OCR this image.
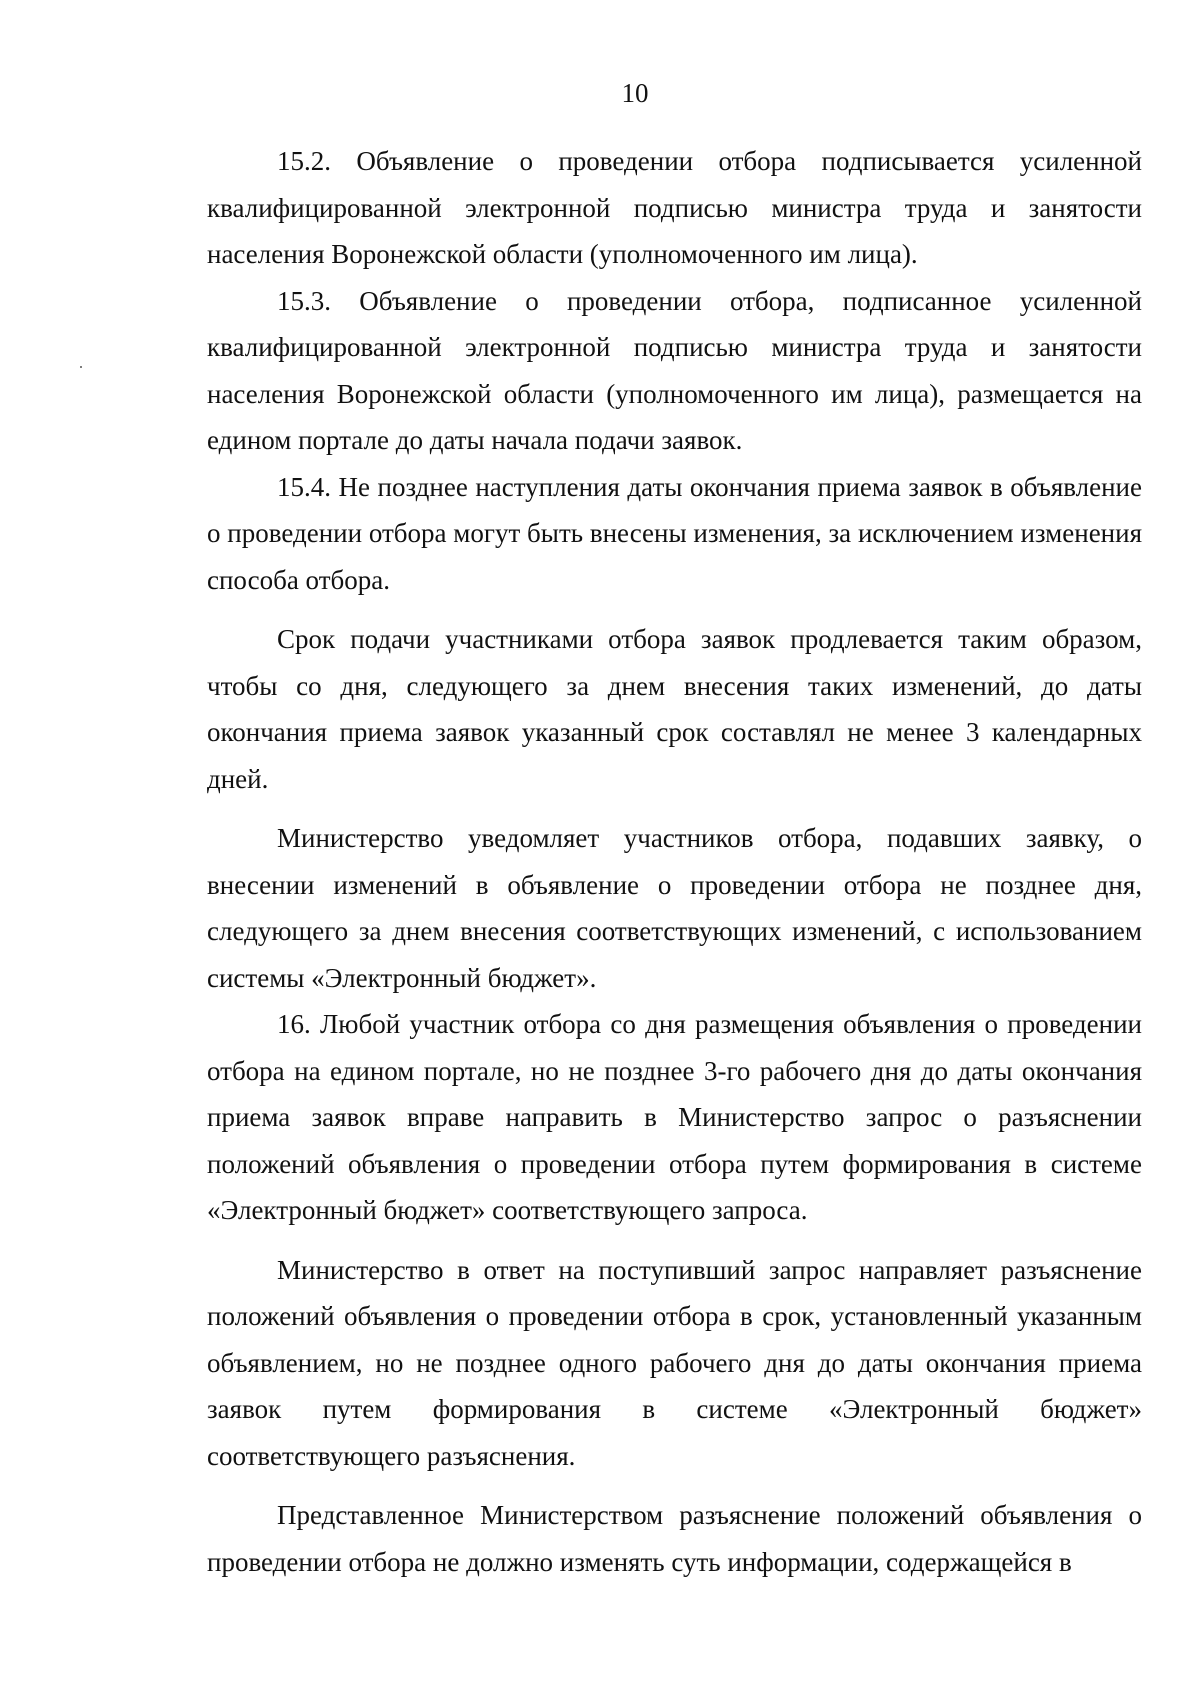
10

15.2. Объявление о проведении отбора подписывается усиленной квалифицированной электронной подписью министра труда и занятости населения Воронежской области (уполномоченного им лица).

15.3. Объявление о проведении отбора, подписанное усиленной квалифицированной электронной подписью министра труда и занятости населения Воронежской области (уполномоченного им лица), размещается на едином портале до даты начала подачи заявок.

15.4. Не позднее наступления даты окончания приема заявок в объявление о проведении отбора могут быть внесены изменения, за исключением изменения способа отбора.

Срок подачи участниками отбора заявок продлевается таким образом, чтобы со дня, следующего за днем внесения таких изменений, до даты окончания приема заявок указанный срок составлял не менее 3 календарных дней.

Министерство уведомляет участников отбора, подавших заявку, о внесении изменений в объявление о проведении отбора не позднее дня, следующего за днем внесения соответствующих изменений, с использованием системы «Электронный бюджет».

16. Любой участник отбора со дня размещения объявления о проведении отбора на едином портале, но не позднее 3-го рабочего дня до даты окончания приема заявок вправе направить в Министерство запрос о разъяснении положений объявления о проведении отбора путем формирования в системе «Электронный бюджет» соответствующего запроса.

Министерство в ответ на поступивший запрос направляет разъяснение положений объявления о проведении отбора в срок, установленный указанным объявлением, но не позднее одного рабочего дня до даты окончания приема заявок путем формирования в системе «Электронный бюджет» соответствующего разъяснения.

Представленное Министерством разъяснение положений объявления о проведении отбора не должно изменять суть информации, содержащейся в
